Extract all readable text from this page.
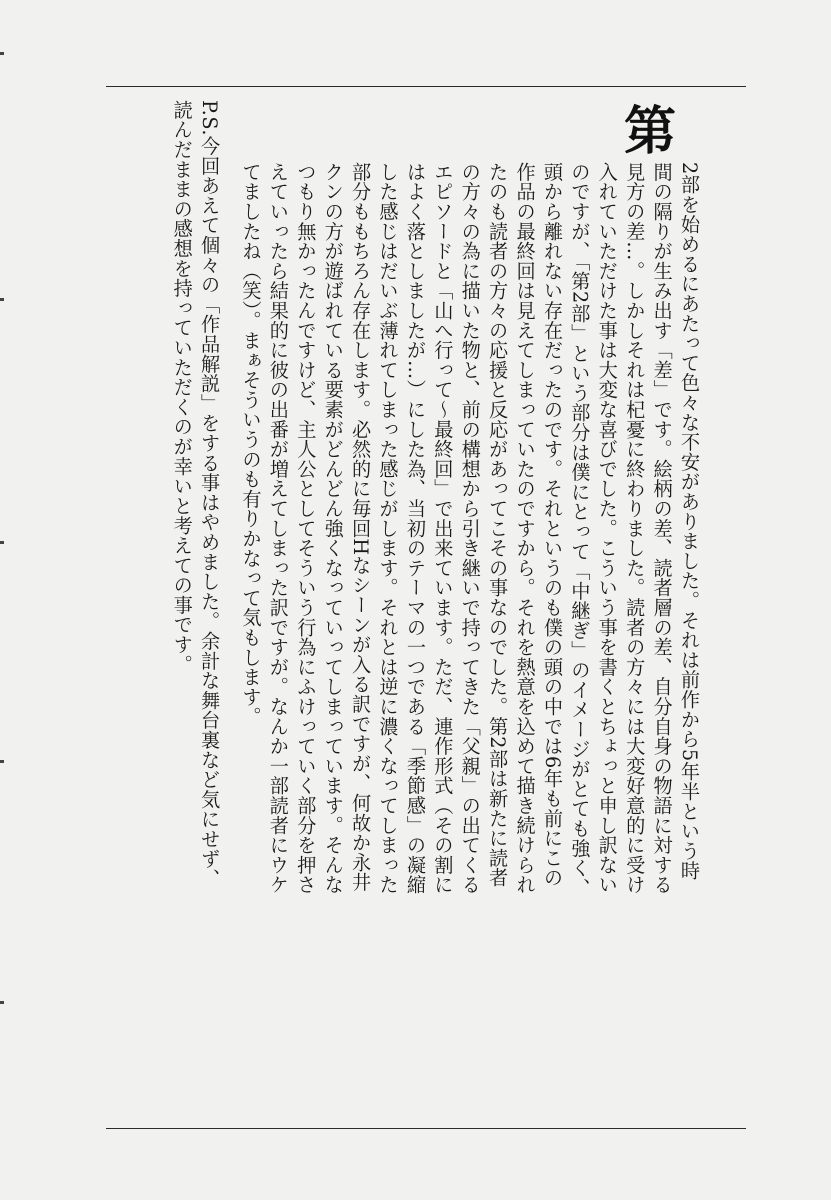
第

2部を始めるにあたって色々な不安がありました。それは前作から5年半という時間の隔りが生み出す「差」です。絵柄の差、読者層の差、自分自身の物語に対する見方の差…。しかしそれは杞憂に終わりました。読者の方々には大変好意的に受け入れていただけた事は大変な喜びでした。こういう事を書くとちょっと申し訳ないのですが、「第2部」という部分は僕にとって「中継ぎ」のイメージがとても強く、頭から離れない存在だったのです。それというのも僕の頭の中では6年も前にこの作品の最終回は見えてしまっていたのですから。それを熱意を込めて描き続けられたのも読者の方々の応援と反応があってこその事なのでした。第2部は新たに読者の方々の為に描いた物と、前の構想から引き継いで持ってきた「父親」の出てくるエピソードと「山へ行って〜最終回」で出来ています。ただ、連作形式（その割にはよく落としましたが…）にした為、当初のテーマの一つである「季節感」の凝縮した感じはだいぶ薄れてしまった感じがします。それとは逆に濃くなってしまった部分ももちろん存在します。必然的に毎回Hなシーンが入る訳ですが、何故か永井クンの方が遊ばれている要素がどんどん強くなっていってしまっています。そんなつもり無かったんですけど、主人公としてそういう行為にふけっていく部分を押さえていったら結果的に彼の出番が増えてしまった訳ですが。なんか一部読者にウケてましたね（笑）。まぁそういうのも有りかなって気もします。

P.S.今回あえて個々の「作品解説」をする事はやめました。余計な舞台裏など気にせず、読んだままの感想を持っていただくのが幸いと考えての事です。
